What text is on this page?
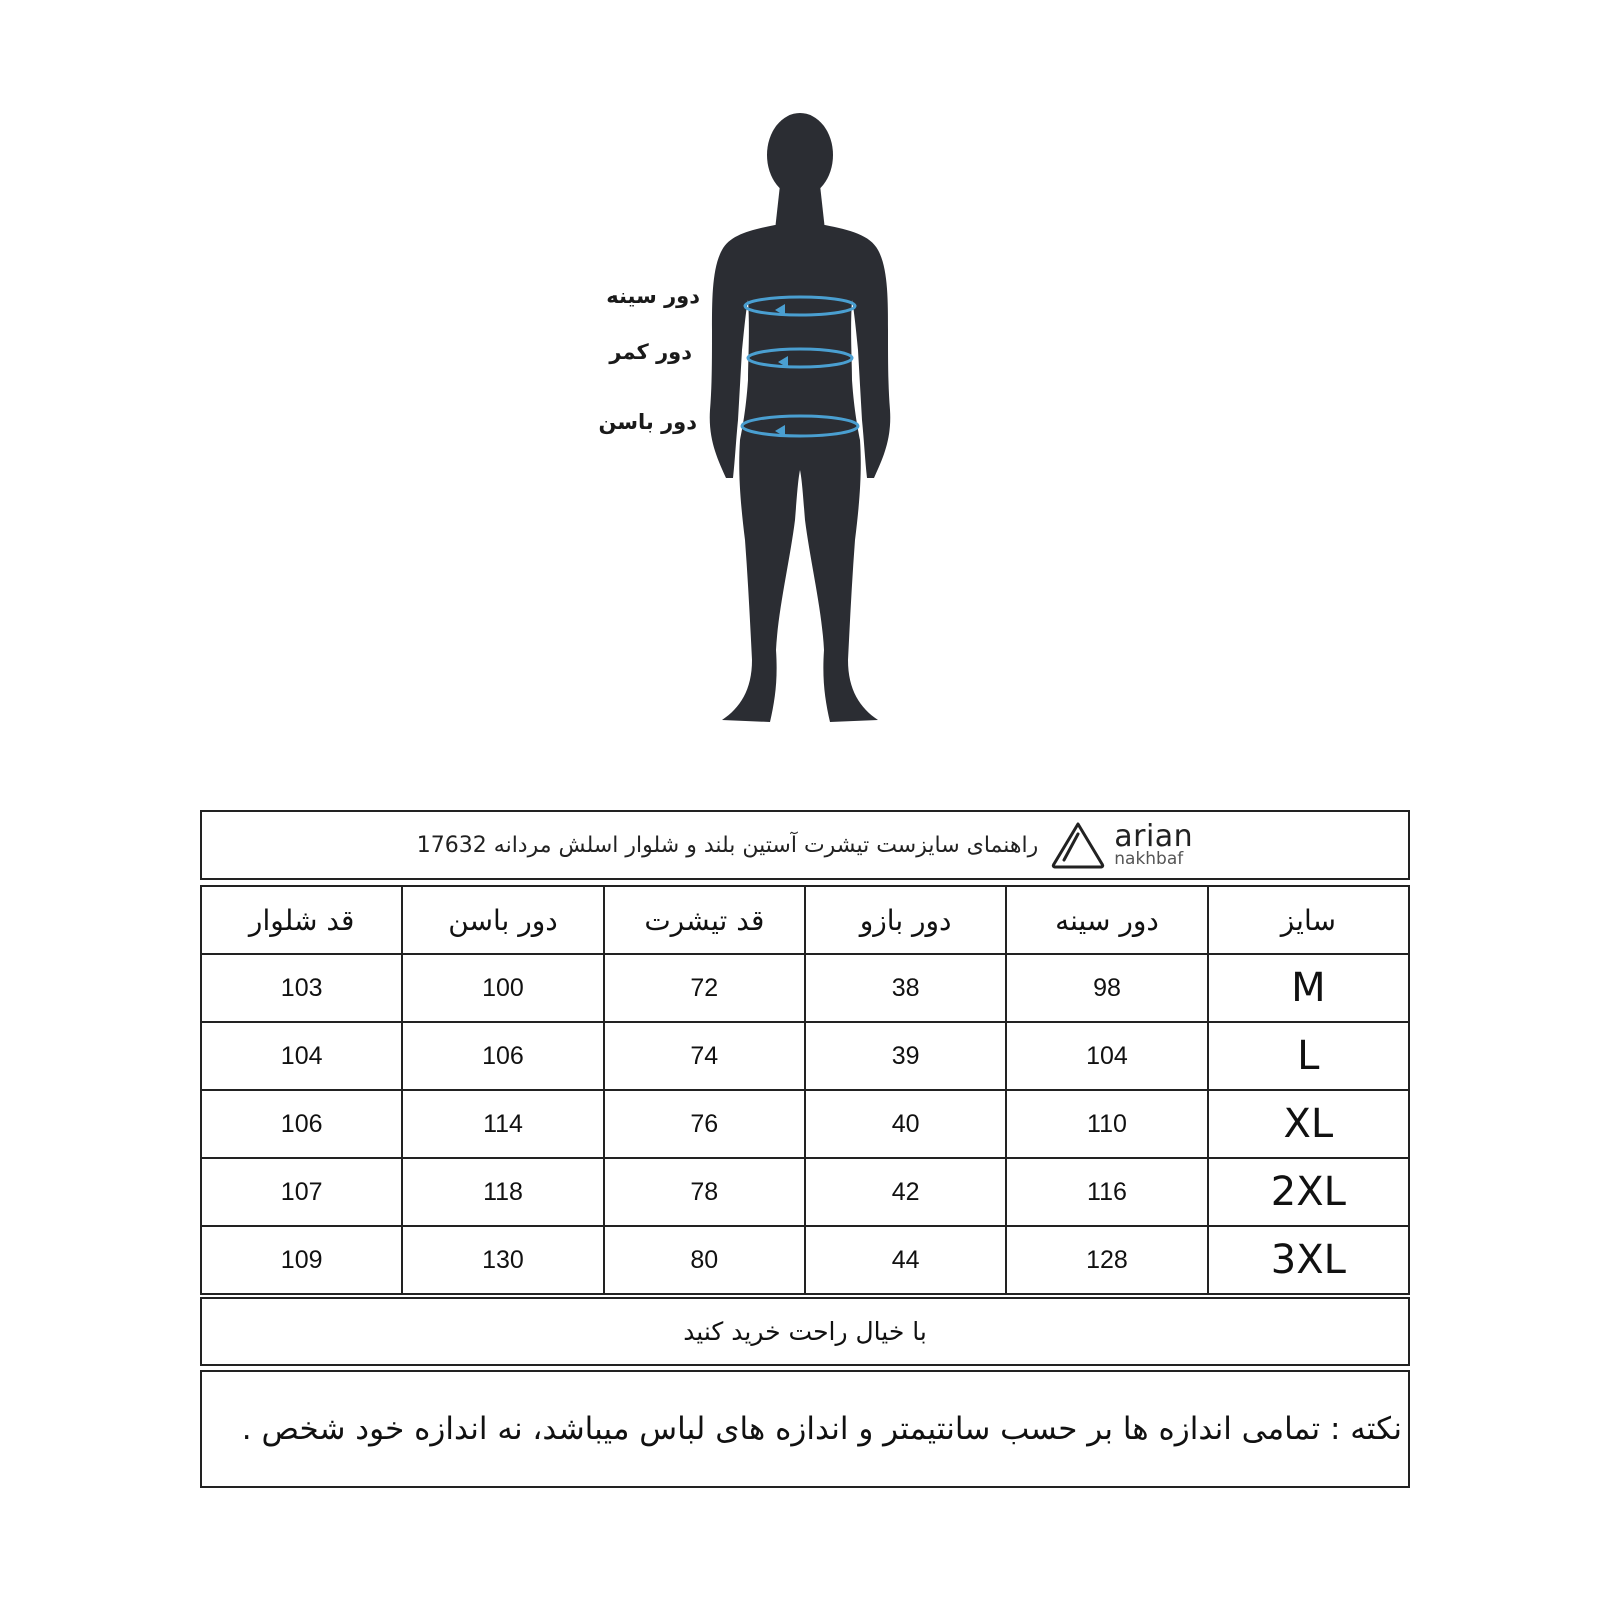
دور سینه
دور کمر
دور باسن
راهنمای سایزست تیشرت آستین بلند و شلوار اسلش مردانه 17632	arian
nakhbaf
قد شلوار	دور باسن	قد تیشرت	دور بازو	دور سینه	سایز
103	100	72	38	98	M
104	106	74	39	104	L
106	114	76	40	110	XL
107	118	78	42	116	2XL
109	130	80	44	128	3XL
با خیال راحت خرید کنید
نکته : تمامی اندازه ها بر حسب سانتیمتر و اندازه های لباس میباشد، نه اندازه خود شخص .
